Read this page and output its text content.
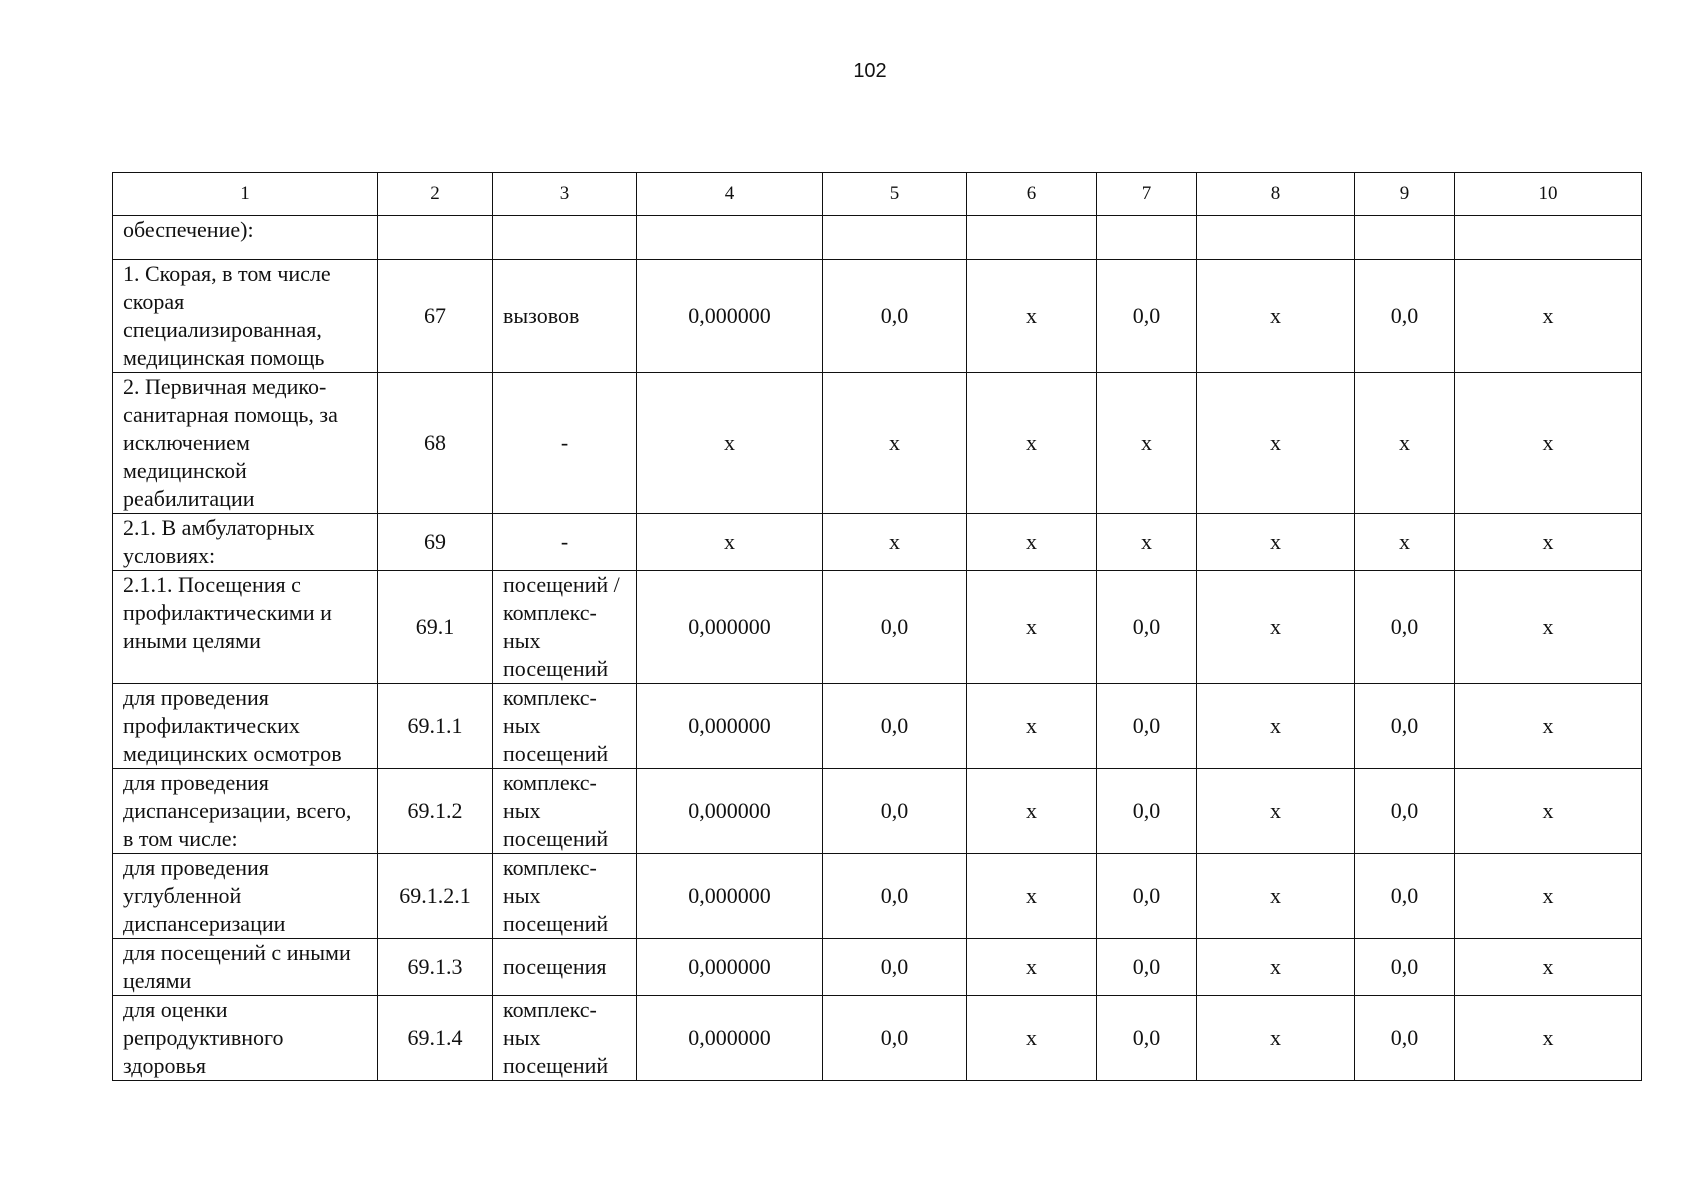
102
1	2	3	4	5	6	7	8	9	10
обеспечение):									
1. Скорая, в том числе скорая специализированная, медицинская помощь	67	вызовов	0,000000	0,0	x	0,0	x	0,0	x
2. Первичная медико-санитарная помощь, за исключением медицинской реабилитации	68	-	x	x	x	x	x	x	x
2.1. В амбулаторных условиях:	69	-	x	x	x	x	x	x	x
2.1.1. Посещения с профилактическими и иными целями	69.1	посещений / комплекс-ных посещений	0,000000	0,0	x	0,0	x	0,0	x
для проведения профилактических медицинских осмотров	69.1.1	комплекс-ных посещений	0,000000	0,0	x	0,0	x	0,0	x
для проведения диспансеризации, всего, в том числе:	69.1.2	комплекс-ных посещений	0,000000	0,0	x	0,0	x	0,0	x
для проведения углубленной диспансеризации	69.1.2.1	комплекс-ных посещений	0,000000	0,0	x	0,0	x	0,0	x
для посещений с иными целями	69.1.3	посещения	0,000000	0,0	x	0,0	x	0,0	x
для оценки репродуктивного здоровья	69.1.4	комплекс-ных посещений	0,000000	0,0	x	0,0	x	0,0	x
